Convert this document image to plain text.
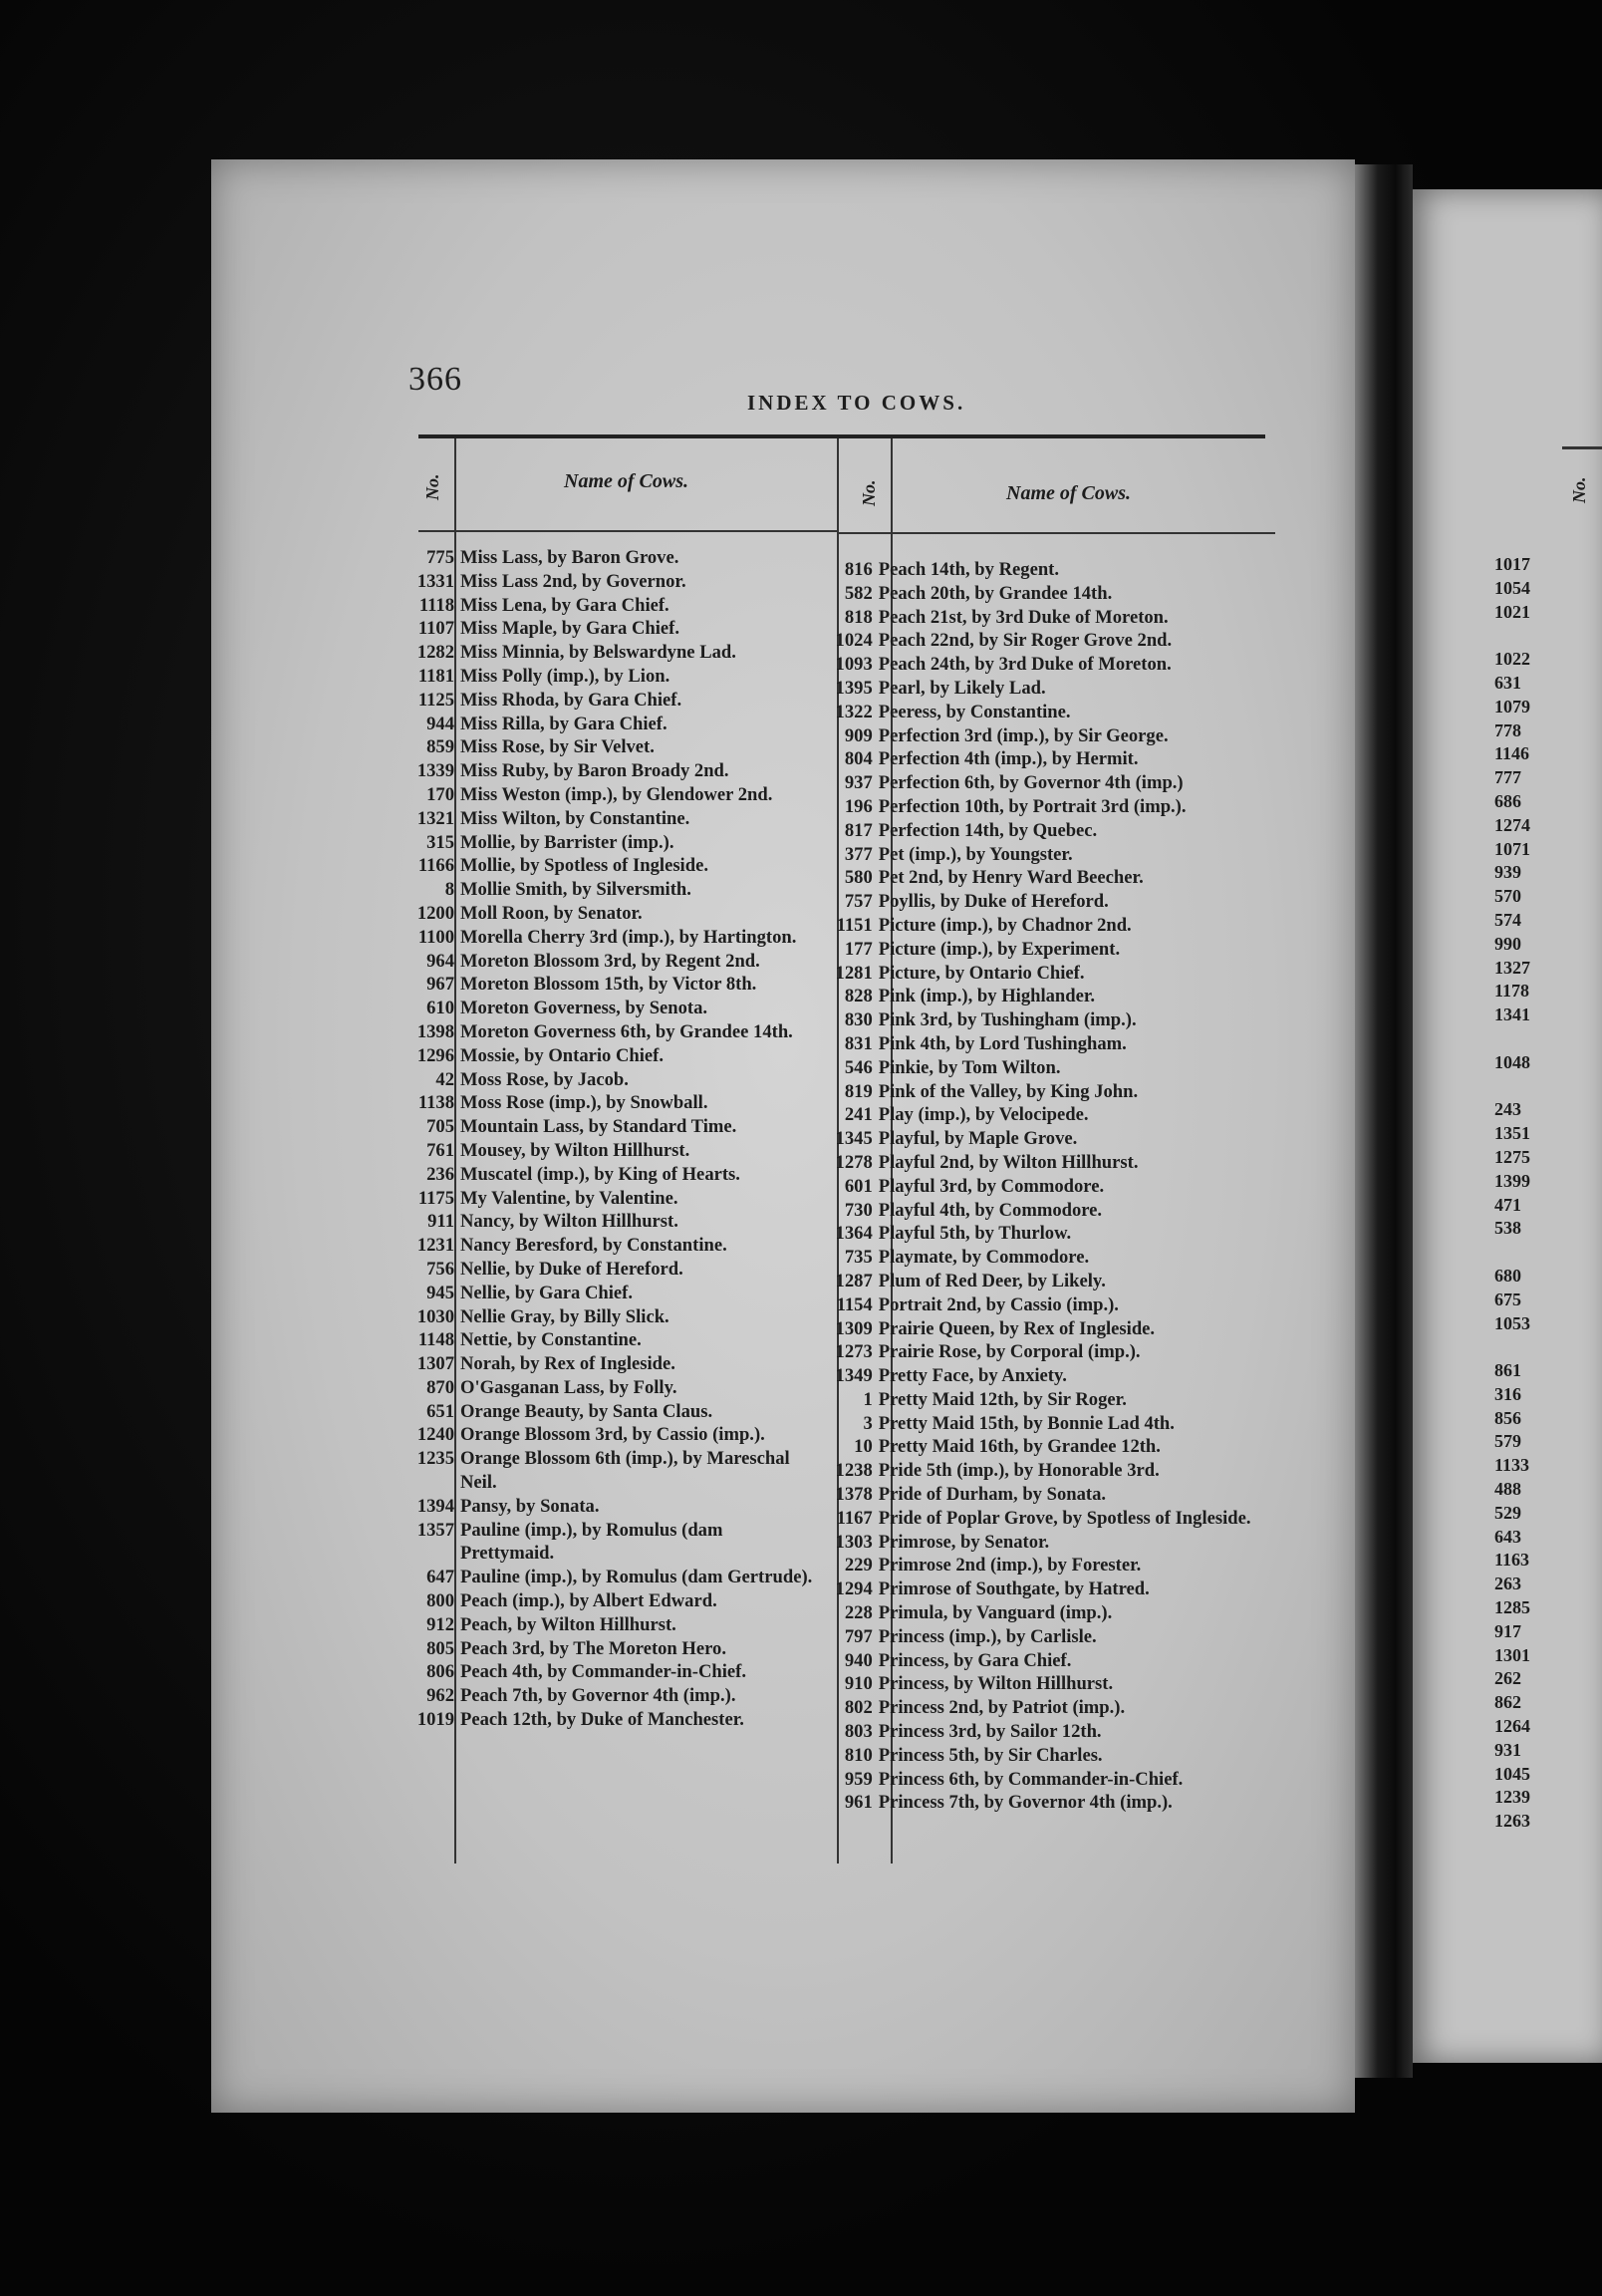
366
INDEX TO COWS.
No.	Name of Cows.	No.	Name of Cows.
775 Miss Lass, by Baron Grove.
1331 Miss Lass 2nd, by Governor.
1118 Miss Lena, by Gara Chief.
1107 Miss Maple, by Gara Chief.
1282 Miss Minnia, by Belswardyne Lad.
1181 Miss Polly (imp.), by Lion.
1125 Miss Rhoda, by Gara Chief.
944 Miss Rilla, by Gara Chief.
859 Miss Rose, by Sir Velvet.
1339 Miss Ruby, by Baron Broady 2nd.
170 Miss Weston (imp.), by Glendower 2nd.
1321 Miss Wilton, by Constantine.
315 Mollie, by Barrister (imp.).
1166 Mollie, by Spotless of Ingleside.
8 Mollie Smith, by Silversmith.
1200 Moll Roon, by Senator.
1100 Morella Cherry 3rd (imp.), by Hartington.
964 Moreton Blossom 3rd, by Regent 2nd.
967 Moreton Blossom 15th, by Victor 8th.
610 Moreton Governess, by Senota.
1398 Moreton Governess 6th, by Grandee 14th.
1296 Mossie, by Ontario Chief.
42 Moss Rose, by Jacob.
1138 Moss Rose (imp.), by Snowball.
705 Mountain Lass, by Standard Time.
761 Mousey, by Wilton Hillhurst.
236 Muscatel (imp.), by King of Hearts.
1175 My Valentine, by Valentine.
911 Nancy, by Wilton Hillhurst.
1231 Nancy Beresford, by Constantine.
756 Nellie, by Duke of Hereford.
945 Nellie, by Gara Chief.
1030 Nellie Gray, by Billy Slick.
1148 Nettie, by Constantine.
1307 Norah, by Rex of Ingleside.
870 O'Gasganan Lass, by Folly.
651 Orange Beauty, by Santa Claus.
1240 Orange Blossom 3rd, by Cassio (imp.).
1235 Orange Blossom 6th (imp.), by Mareschal Neil.
1394 Pansy, by Sonata.
1357 Pauline (imp.), by Romulus (dam Prettymaid.
647 Pauline (imp.), by Romulus (dam Gertrude).
800 Peach (imp.), by Albert Edward.
912 Peach, by Wilton Hillhurst.
805 Peach 3rd, by The Moreton Hero.
806 Peach 4th, by Commander-in-Chief.
962 Peach 7th, by Governor 4th (imp.).
1019 Peach 12th, by Duke of Manchester.
816 Peach 14th, by Regent.
582 Peach 20th, by Grandee 14th.
818 Peach 21st, by 3rd Duke of Moreton.
1024 Peach 22nd, by Sir Roger Grove 2nd.
1093 Peach 24th, by 3rd Duke of Moreton.
1395 Pearl, by Likely Lad.
1322 Peeress, by Constantine.
909 Perfection 3rd (imp.), by Sir George.
804 Perfection 4th (imp.), by Hermit.
937 Perfection 6th, by Governor 4th (imp.)
196 Perfection 10th, by Portrait 3rd (imp.).
817 Perfection 14th, by Quebec.
377 Pet (imp.), by Youngster.
580 Pet 2nd, by Henry Ward Beecher.
757 Poyllis, by Duke of Hereford.
1151 Picture (imp.), by Chadnor 2nd.
177 Picture (imp.), by Experiment.
1281 Picture, by Ontario Chief.
828 Pink (imp.), by Highlander.
830 Pink 3rd, by Tushingham (imp.).
831 Pink 4th, by Lord Tushingham.
546 Pinkie, by Tom Wilton.
819 Pink of the Valley, by King John.
241 Play (imp.), by Velocipede.
1345 Playful, by Maple Grove.
1278 Playful 2nd, by Wilton Hillhurst.
601 Playful 3rd, by Commodore.
730 Playful 4th, by Commodore.
1364 Playful 5th, by Thurlow.
735 Playmate, by Commodore.
1287 Plum of Red Deer, by Likely.
1154 Portrait 2nd, by Cassio (imp.).
1309 Prairie Queen, by Rex of Ingleside.
1273 Prairie Rose, by Corporal (imp.).
1349 Pretty Face, by Anxiety.
1 Pretty Maid 12th, by Sir Roger.
3 Pretty Maid 15th, by Bonnie Lad 4th.
10 Pretty Maid 16th, by Grandee 12th.
1238 Pride 5th (imp.), by Honorable 3rd.
1378 Pride of Durham, by Sonata.
1167 Pride of Poplar Grove, by Spotless of Ingleside.
1303 Primrose, by Senator.
229 Primrose 2nd (imp.), by Forester.
1294 Primrose of Southgate, by Hatred.
228 Primula, by Vanguard (imp.).
797 Princess (imp.), by Carlisle.
940 Princess, by Gara Chief.
910 Princess, by Wilton Hillhurst.
802 Princess 2nd, by Patriot (imp.).
803 Princess 3rd, by Sailor 12th.
810 Princess 5th, by Sir Charles.
959 Princess 6th, by Commander-in-Chief.
961 Princess 7th, by Governor 4th (imp.).
No.
1017
1054
1021
1022
631
1079
778
1146
777
686
1274
1071
939
570
574
990
1327
1178
1341
1048
243
1351
1275
1399
471
538
680
675
1053
861
316
856
579
1133
488
529
643
1163
263
1285
917
1301
262
862
1264
931
1045
1239
1263
